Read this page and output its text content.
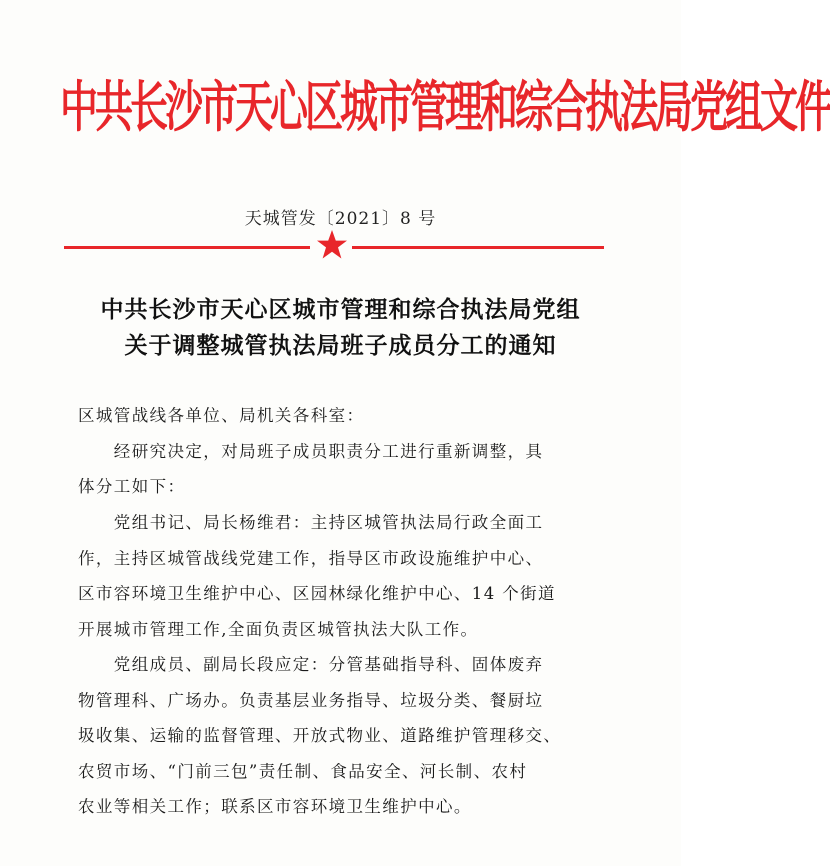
中共长沙市天心区城市管理和综合执法局党组文件
天城管发〔2021〕8 号
中共长沙市天心区城市管理和综合执法局党组
关于调整城管执法局班子成员分工的通知
区城管战线各单位、局机关各科室：
　　经研究决定，对局班子成员职责分工进行重新调整，具
体分工如下：
　　党组书记、局长杨维君：主持区城管执法局行政全面工
作，主持区城管战线党建工作，指导区市政设施维护中心、
区市容环境卫生维护中心、区园林绿化维护中心、14 个街道
开展城市管理工作,全面负责区城管执法大队工作。
　　党组成员、副局长段应定：分管基础指导科、固体废弃
物管理科、广场办。负责基层业务指导、垃圾分类、餐厨垃
圾收集、运输的监督管理、开放式物业、道路维护管理移交、
农贸市场、“门前三包”责任制、食品安全、河长制、农村
农业等相关工作；联系区市容环境卫生维护中心。
